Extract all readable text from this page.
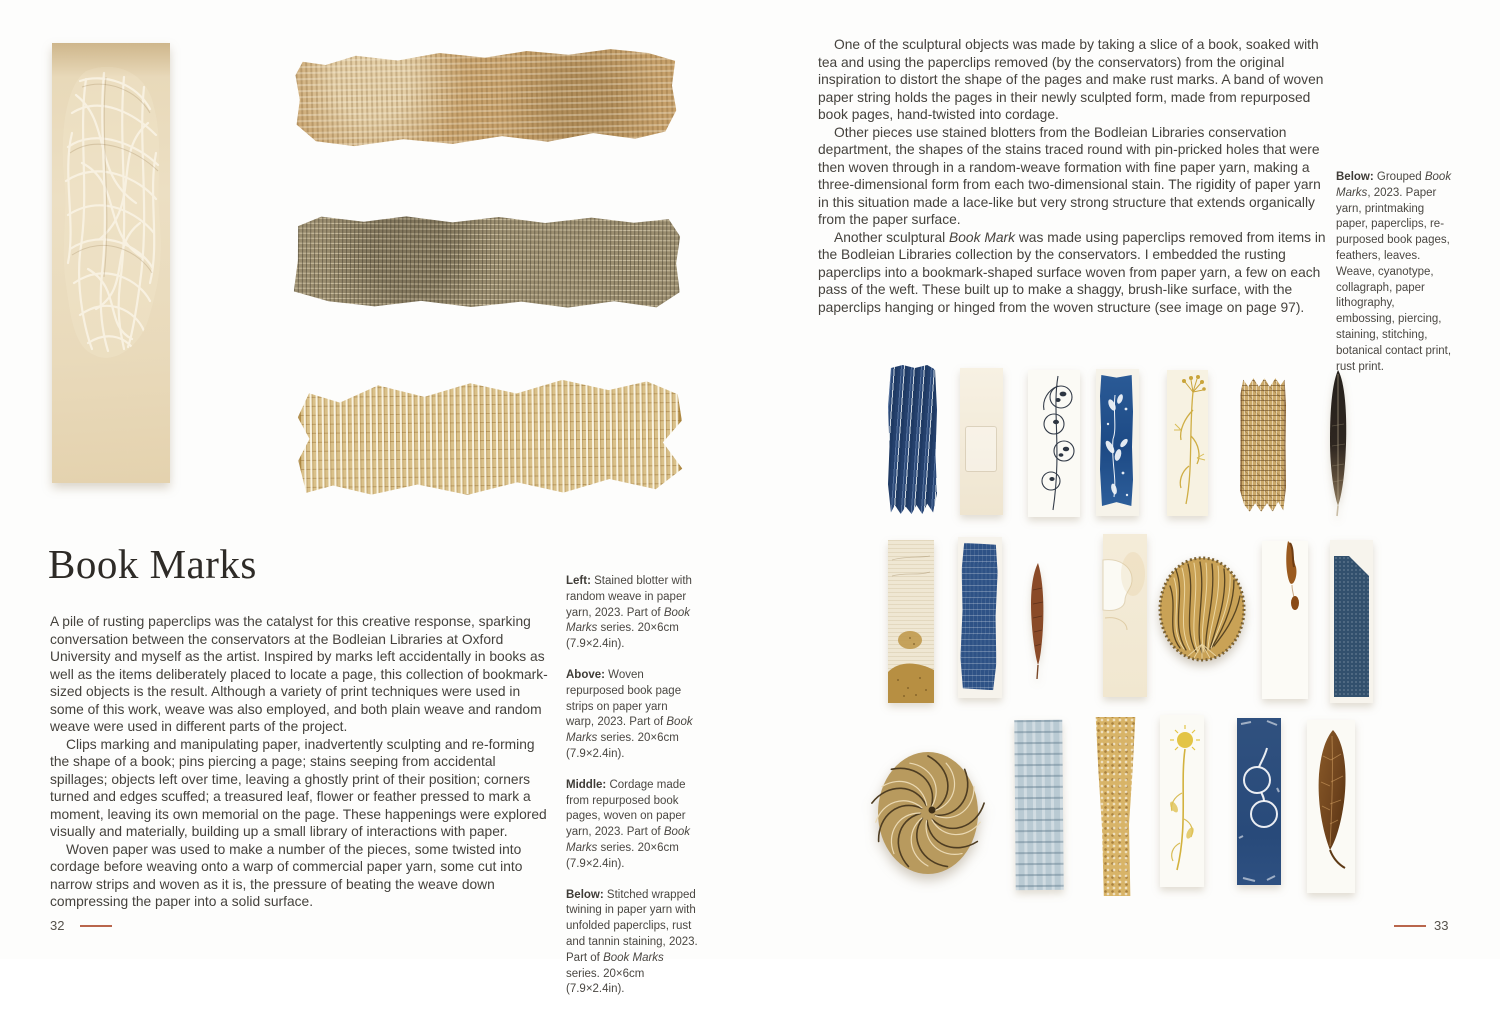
Book Marks

A pile of rusting paperclips was the catalyst for this creative response, sparking conversation between the conservators at the Bodleian Libraries at Oxford University and myself as the artist. Inspired by marks left accidentally in books as well as the items deliberately placed to locate a page, this collection of bookmark-sized objects is the result. Although a variety of print techniques were used in some of this work, weave was also employed, and both plain weave and random weave were used in different parts of the project.

Clips marking and manipulating paper, inadvertently sculpting and re-forming the shape of a book; pins piercing a page; stains seeping from accidental spillages; objects left over time, leaving a ghostly print of their position; corners turned and edges scuffed; a treasured leaf, flower or feather pressed to mark a moment, leaving its own memorial on the page. These happenings were explored visually and materially, building up a small library of interactions with paper.

Woven paper was used to make a number of the pieces, some twisted into cordage before weaving onto a warp of commercial paper yarn, some cut into narrow strips and woven as it is, the pressure of beating the weave down compressing the paper into a solid surface.

Left: Stained blotter with random weave in paper yarn, 2023. Part of Book Marks series. 20×6cm (7.9×2.4in).

Above: Woven repurposed book page strips on paper yarn warp, 2023. Part of Book Marks series. 20×6cm (7.9×2.4in).

Middle: Cordage made from repurposed book pages, woven on paper yarn, 2023. Part of Book Marks series. 20×6cm (7.9×2.4in).

Below: Stitched wrapped twining in paper yarn with unfolded paperclips, rust and tannin staining, 2023. Part of Book Marks series. 20×6cm (7.9×2.4in).

32

One of the sculptural objects was made by taking a slice of a book, soaked with tea and using the paperclips removed (by the conservators) from the original inspiration to distort the shape of the pages and make rust marks. A band of woven paper string holds the pages in their newly sculpted form, made from repurposed book pages, hand-twisted into cordage.

Other pieces use stained blotters from the Bodleian Libraries conservation department, the shapes of the stains traced round with pin-pricked holes that were then woven through in a random-weave formation with fine paper yarn, making a three-dimensional form from each two-dimensional stain. The rigidity of paper yarn in this situation made a lace-like but very strong structure that extends organically from the paper surface.

Another sculptural Book Mark was made using paperclips removed from items in the Bodleian Libraries collection by the conservators. I embedded the rusting paperclips into a bookmark-shaped surface woven from paper yarn, a few on each pass of the weft. These built up to make a shaggy, brush-like surface, with the paperclips hanging or hinged from the woven structure (see image on page 97).

Below: Grouped Book Marks, 2023. Paper yarn, printmaking paper, paperclips, re-purposed book pages, feathers, leaves. Weave, cyanotype, collagraph, paper lithography, embossing, piercing, staining, stitching, botanical contact print, rust print.

33
